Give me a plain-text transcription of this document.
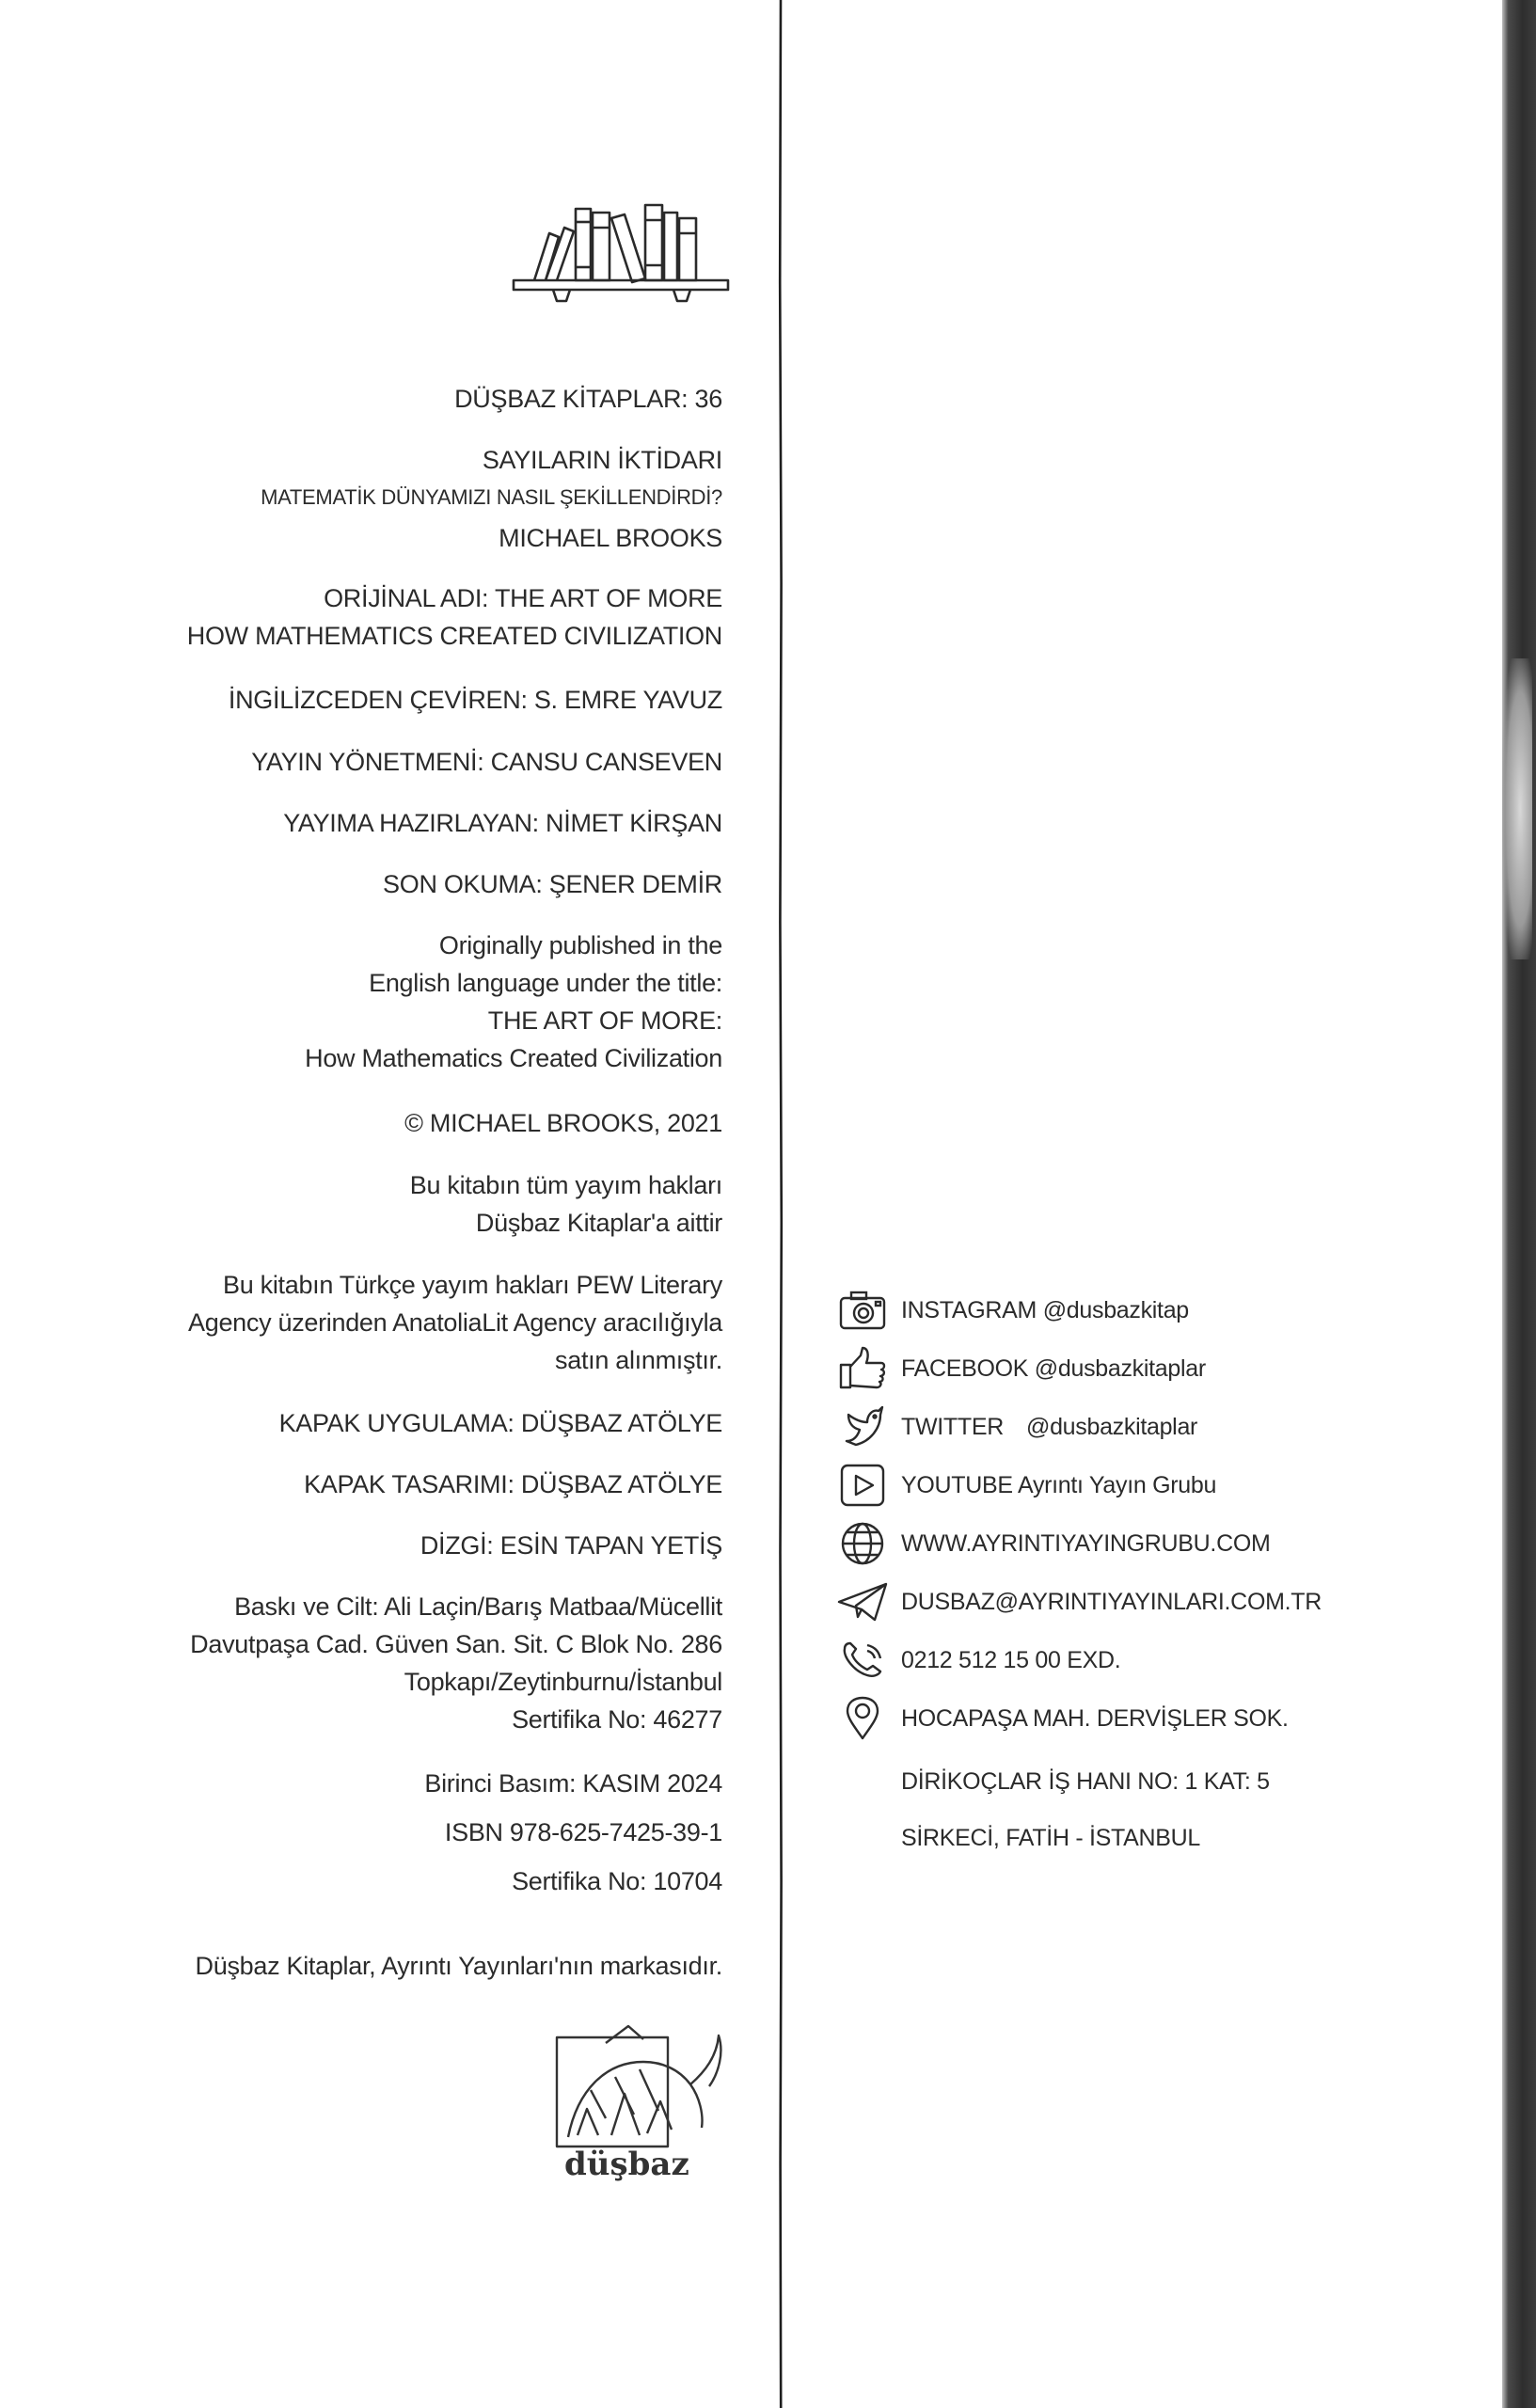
DÜŞBAZ KİTAPLAR: 36
SAYILARIN İKTİDARI
MATEMATİK DÜNYAMIZI NASIL ŞEKİLLENDİRDİ?
MICHAEL BROOKS
ORİJİNAL ADI: THE ART OF MORE
HOW MATHEMATICS CREATED CIVILIZATION
İNGİLİZCEDEN ÇEVİREN: S. EMRE YAVUZ
YAYIN YÖNETMENİ: CANSU CANSEVEN
YAYIMA HAZIRLAYAN: NİMET KİRŞAN
SON OKUMA: ŞENER DEMİR
Originally published in the
English language under the title:
THE ART OF MORE:
How Mathematics Created Civilization
© MICHAEL BROOKS, 2021
Bu kitabın tüm yayım hakları
Düşbaz Kitaplar'a aittir
Bu kitabın Türkçe yayım hakları PEW Literary
Agency üzerinden AnatoliaLit Agency aracılığıyla
satın alınmıştır.
KAPAK UYGULAMA: DÜŞBAZ ATÖLYE
KAPAK TASARIMI: DÜŞBAZ ATÖLYE
DİZGİ: ESİN TAPAN YETİŞ
Baskı ve Cilt: Ali Laçin/Barış Matbaa/Mücellit
Davutpaşa Cad. Güven San. Sit. C Blok No. 286
Topkapı/Zeytinburnu/İstanbul
Sertifika No: 46277
Birinci Basım: KASIM 2024
ISBN 978-625-7425-39-1
Sertifika No: 10704
Düşbaz Kitaplar, Ayrıntı Yayınları'nın markasıdır.
düşbaz
INSTAGRAM @dusbazkitap
FACEBOOK @dusbazkitaplar
TWITTER @dusbazkitaplar
YOUTUBE Ayrıntı Yayın Grubu
WWW.AYRINTIYAYINGRUBU.COM
DUSBAZ@AYRINTIYAYINLARI.COM.TR
0212 512 15 00 EXD.
HOCAPAŞA MAH. DERVİŞLER SOK.
DİRİKOÇLAR İŞ HANI NO: 1 KAT: 5
SİRKECİ, FATİH - İSTANBUL
